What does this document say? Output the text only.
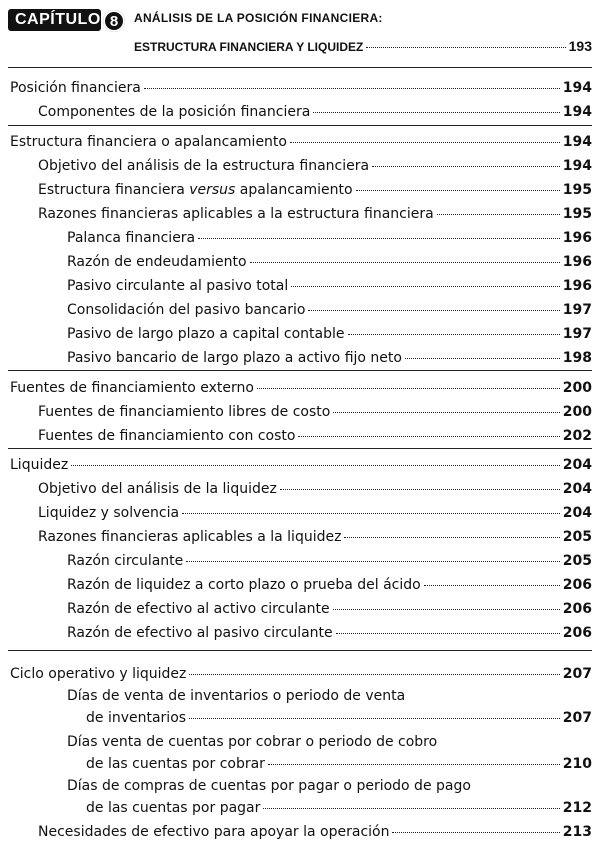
CAPÍTULO 8	ANÁLISIS DE LA POSICIÓN FINANCIERA:
ESTRUCTURA FINANCIERA Y LIQUIDEZ	193
Posición financiera	194
Componentes de la posición financiera	194
Estructura financiera o apalancamiento	194
Objetivo del análisis de la estructura financiera	194
Estructura financiera versus apalancamiento	195
Razones financieras aplicables a la estructura financiera	195
Palanca financiera	196
Razón de endeudamiento	196
Pasivo circulante al pasivo total	196
Consolidación del pasivo bancario	197
Pasivo de largo plazo a capital contable	197
Pasivo bancario de largo plazo a activo fijo neto	198
Fuentes de financiamiento externo	200
Fuentes de financiamiento libres de costo	200
Fuentes de financiamiento con costo	202
Liquidez	204
Objetivo del análisis de la liquidez	204
Liquidez y solvencia	204
Razones financieras aplicables a la liquidez	205
Razón circulante	205
Razón de liquidez a corto plazo o prueba del ácido	206
Razón de efectivo al activo circulante	206
Razón de efectivo al pasivo circulante	206
Ciclo operativo y liquidez	207
Días de venta de inventarios o periodo de venta
de inventarios	207
Días venta de cuentas por cobrar o periodo de cobro
de las cuentas por cobrar	210
Días de compras de cuentas por pagar o periodo de pago
de las cuentas por pagar	212
Necesidades de efectivo para apoyar la operación	213
